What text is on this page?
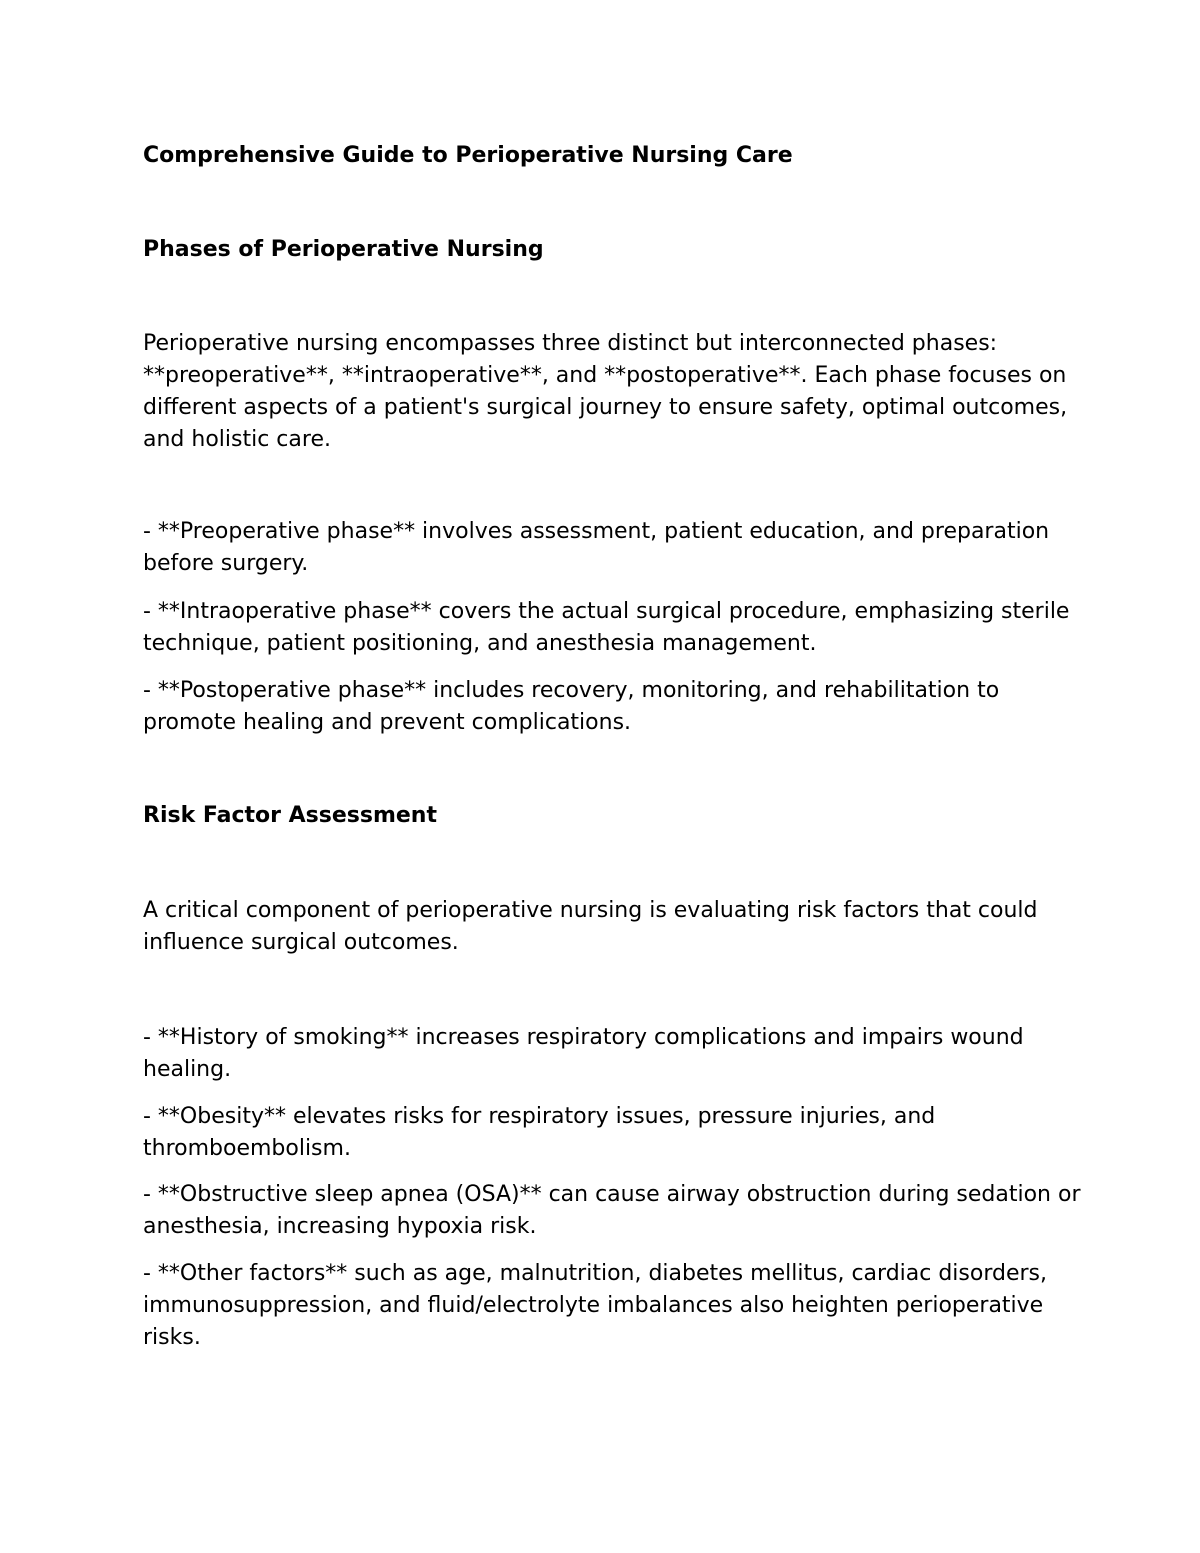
Comprehensive Guide to Perioperative Nursing Care
Phases of Perioperative Nursing

Perioperative nursing encompasses three distinct but interconnected phases: **preoperative**, **intraoperative**, and **postoperative**. Each phase focuses on different aspects of a patient's surgical journey to ensure safety, optimal outcomes, and holistic care.

- **Preoperative phase** involves assessment, patient education, and preparation before surgery.

- **Intraoperative phase** covers the actual surgical procedure, emphasizing sterile technique, patient positioning, and anesthesia management.

- **Postoperative phase** includes recovery, monitoring, and rehabilitation to promote healing and prevent complications.

Risk Factor Assessment

A critical component of perioperative nursing is evaluating risk factors that could influence surgical outcomes.

- **History of smoking** increases respiratory complications and impairs wound healing.

- **Obesity** elevates risks for respiratory issues, pressure injuries, and thromboembolism.

- **Obstructive sleep apnea (OSA)** can cause airway obstruction during sedation or anesthesia, increasing hypoxia risk.

- **Other factors** such as age, malnutrition, diabetes mellitus, cardiac disorders, immunosuppression, and fluid/electrolyte imbalances also heighten perioperative risks.
